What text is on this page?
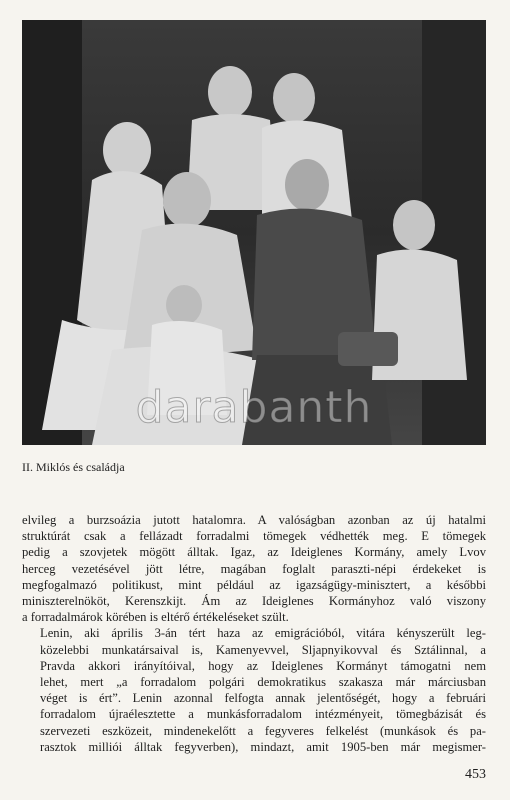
darabanth
II. Miklós és családja

elvileg a burzsoázia jutott hatalomra. A valóságban azonban az új hatalmi
struktúrát csak a fellázadt forradalmi tömegek védhették meg. E tömegek
pedig a szovjetek mögött álltak. Igaz, az Ideiglenes Kormány, amely Lvov
herceg vezetésével jött létre, magában foglalt paraszti-népi érdekeket is
megfogalmazó politikust, mint például az igazságügy-minisztert, a későbbi
miniszterelnököt, Kerenszkijt. Ám az Ideiglenes Kormányhoz való viszony
a forradalmárok körében is eltérő értékeléseket szült.

Lenin, aki április 3-án tért haza az emigrációból, vitára kényszerült leg-
közelebbi munkatársaival is, Kamenyevvel, Sljapnyikovval és Sztálinnal, a
Pravda akkori irányítóival, hogy az Ideiglenes Kormányt támogatni nem
lehet, mert „a forradalom polgári demokratikus szakasza már márciusban
véget is ért”. Lenin azonnal felfogta annak jelentőségét, hogy a februári
forradalom újraélesztette a munkásforradalom intézményeit, tömegbázisát és
szervezeti eszközeit, mindenekelőtt a fegyveres felkelést (munkások és pa-
rasztok milliói álltak fegyverben), mindazt, amit 1905-ben már megismer-

453
